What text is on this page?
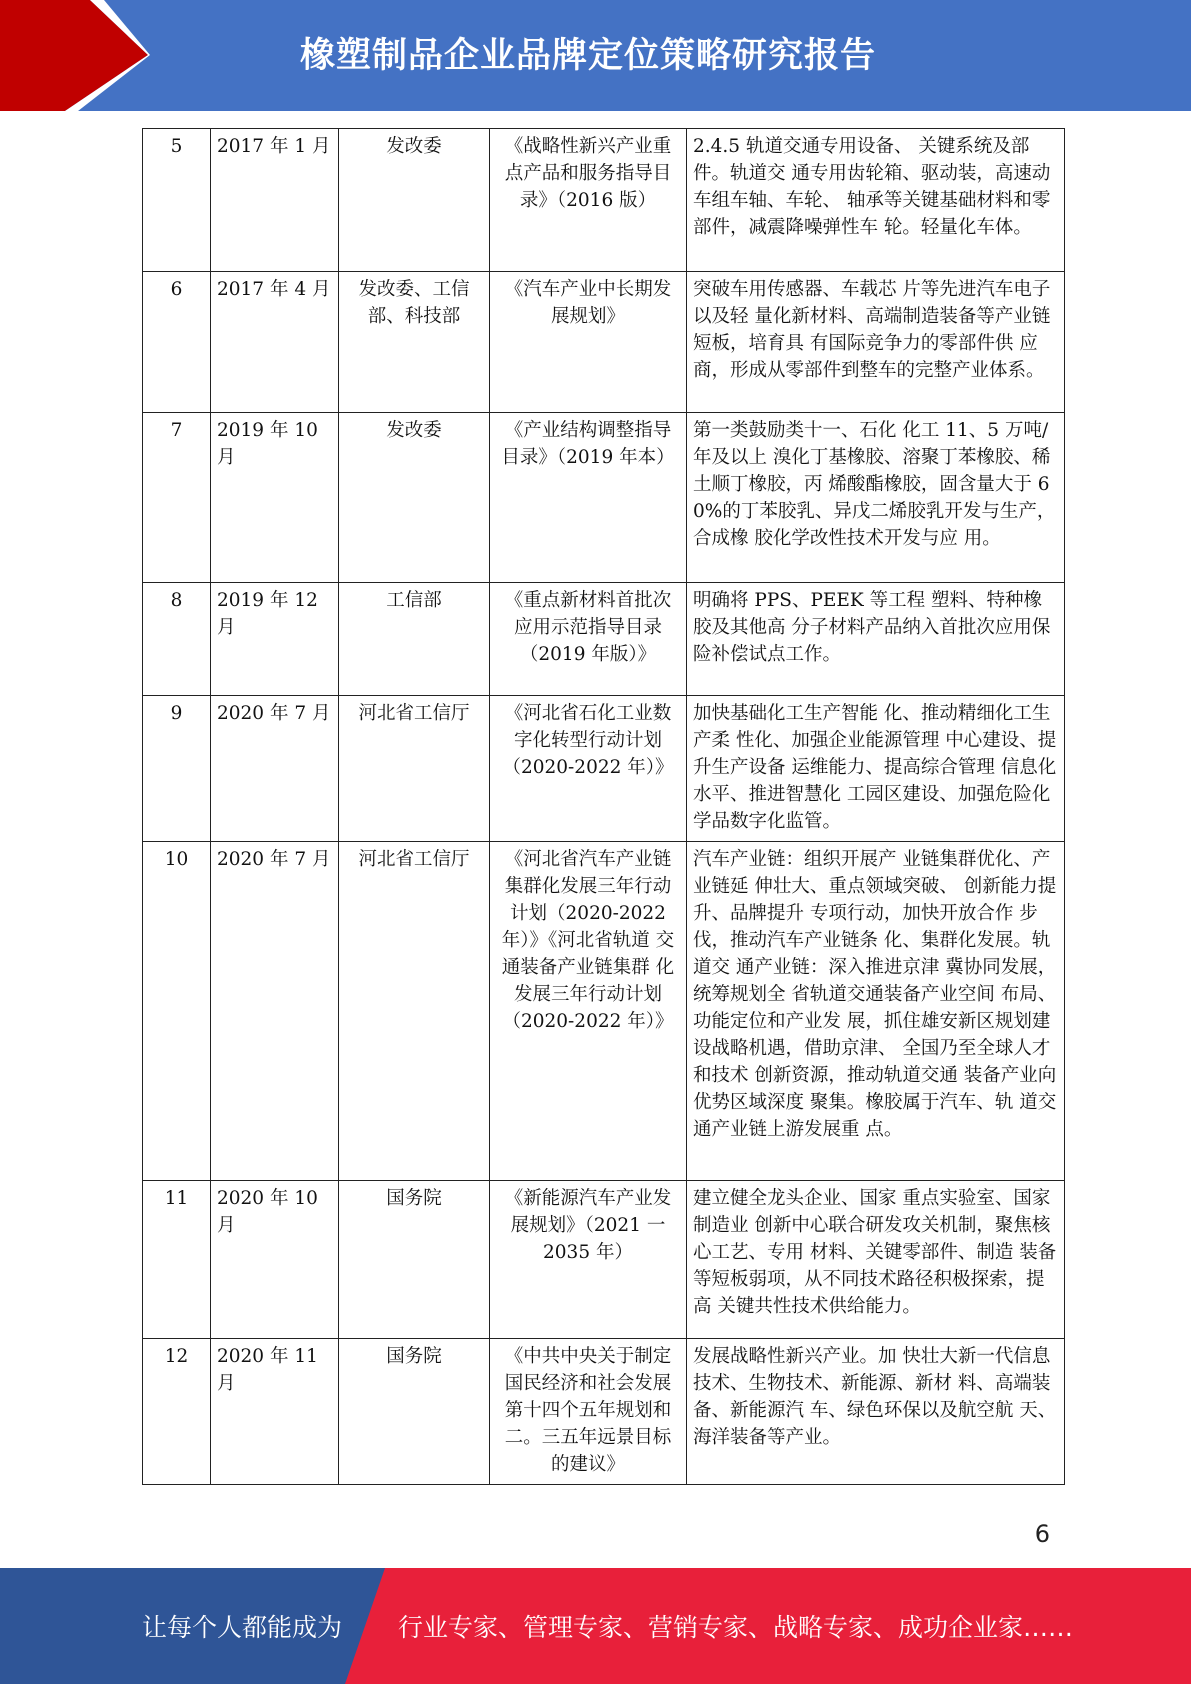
橡塑制品企业品牌定位策略研究报告
5	2017 年 1 月	发改委	《战略性新兴产业重 点产品和服务指导目 录》（2016 版）	2.4.5 轨道交通专用设备、 关键系统及部件。轨道交 通专用齿轮箱、驱动装，高速动车组车轴、车轮、 轴承等关键基础材料和零 部件，减震降噪弹性车 轮。轻量化车体。
6	2017 年 4 月	发改委、工信部、科技部	《汽车产业中长期发 展规划》	突破车用传感器、车载芯 片等先进汽车电子以及轻 量化新材料、高端制造装备等产业链短板，培育具 有国际竞争力的零部件供 应商，形成从零部件到整车的完整产业体系。
7	2019 年 10 月	发改委	《产业结构调整指导 目录》（2019 年本）	第一类鼓励类十一、石化 化工 11、5 万吨/年及以上 溴化丁基橡胶、溶聚丁苯橡胶、稀土顺丁橡胶，丙 烯酸酯橡胶，固含量大于 60%的丁苯胶乳、异戊二烯胶乳开发与生产，合成橡 胶化学改性技术开发与应 用。
8	2019 年 12 月	工信部	《重点新材料首批次 应用示范指导目录（2019 年版）》	明确将 PPS、PEEK 等工程 塑料、特种橡胶及其他高 分子材料产品纳入首批次应用保险补偿试点工作。
9	2020 年 7 月	河北省工信厅	《河北省石化工业数 字化转型行动计划 （2020-2022 年）》	加快基础化工生产智能 化、推动精细化工生产柔 性化、加强企业能源管理 中心建设、提升生产设备 运维能力、提高综合管理 信息化水平、推进智慧化 工园区建设、加强危险化 学品数字化监管。
10	2020 年 7 月	河北省工信厅	《河北省汽车产业链 集群化发展三年行动 计划（2020-2022 年）》《河北省轨道 交通装备产业链集群 化发展三年行动计划（2020-2022 年）》	汽车产业链：组织开展产 业链集群优化、产业链延 伸壮大、重点领域突破、 创新能力提升、品牌提升 专项行动，加快开放合作 步伐，推动汽车产业链条 化、集群化发展。轨道交 通产业链：深入推进京津 冀协同发展，统筹规划全 省轨道交通装备产业空间 布局、功能定位和产业发 展，抓住雄安新区规划建 设战略机遇，借助京津、 全国乃至全球人才和技术 创新资源，推动轨道交通 装备产业向优势区域深度 聚集。橡胶属于汽车、轨 道交通产业链上游发展重 点。
11	2020 年 10 月	国务院	《新能源汽车产业发 展规划》（2021 一 2035 年）	建立健全龙头企业、国家 重点实验室、国家制造业 创新中心联合研发攻关机制，聚焦核心工艺、专用 材料、关键零部件、制造 装备等短板弱项，从不同技术路径积极探索，提高 关键共性技术供给能力。
12	2020 年 11 月	国务院	《中共中央关于制定 国民经济和社会发展第十四个五年规划和 二。三五年远景目标 的建议》	发展战略性新兴产业。加 快壮大新一代信息技术、生物技术、新能源、新材 料、高端装备、新能源汽 车、绿色环保以及航空航 天、海洋装备等产业。
6
让每个人都能成为 行业专家、管理专家、营销专家、战略专家、成功企业家……
